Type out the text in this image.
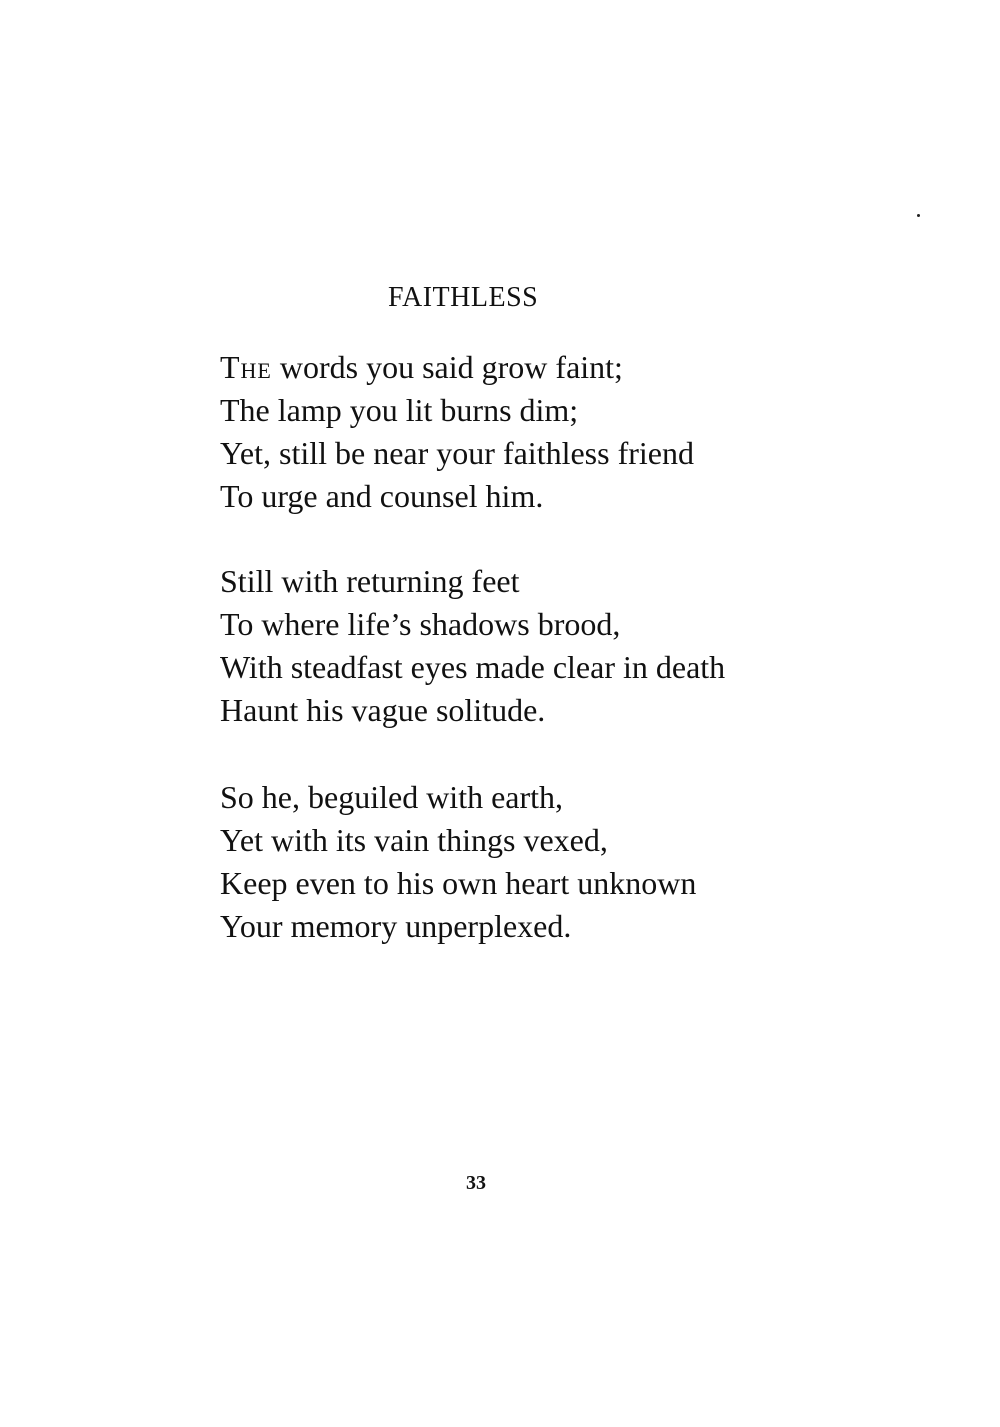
FAITHLESS
The words you said grow faint;
The lamp you lit burns dim;
Yet, still be near your faithless friend
To urge and counsel him.
Still with returning feet
To where life’s shadows brood,
With steadfast eyes made clear in death
Haunt his vague solitude.
So he, beguiled with earth,
Yet with its vain things vexed,
Keep even to his own heart unknown
Your memory unperplexed.
33
